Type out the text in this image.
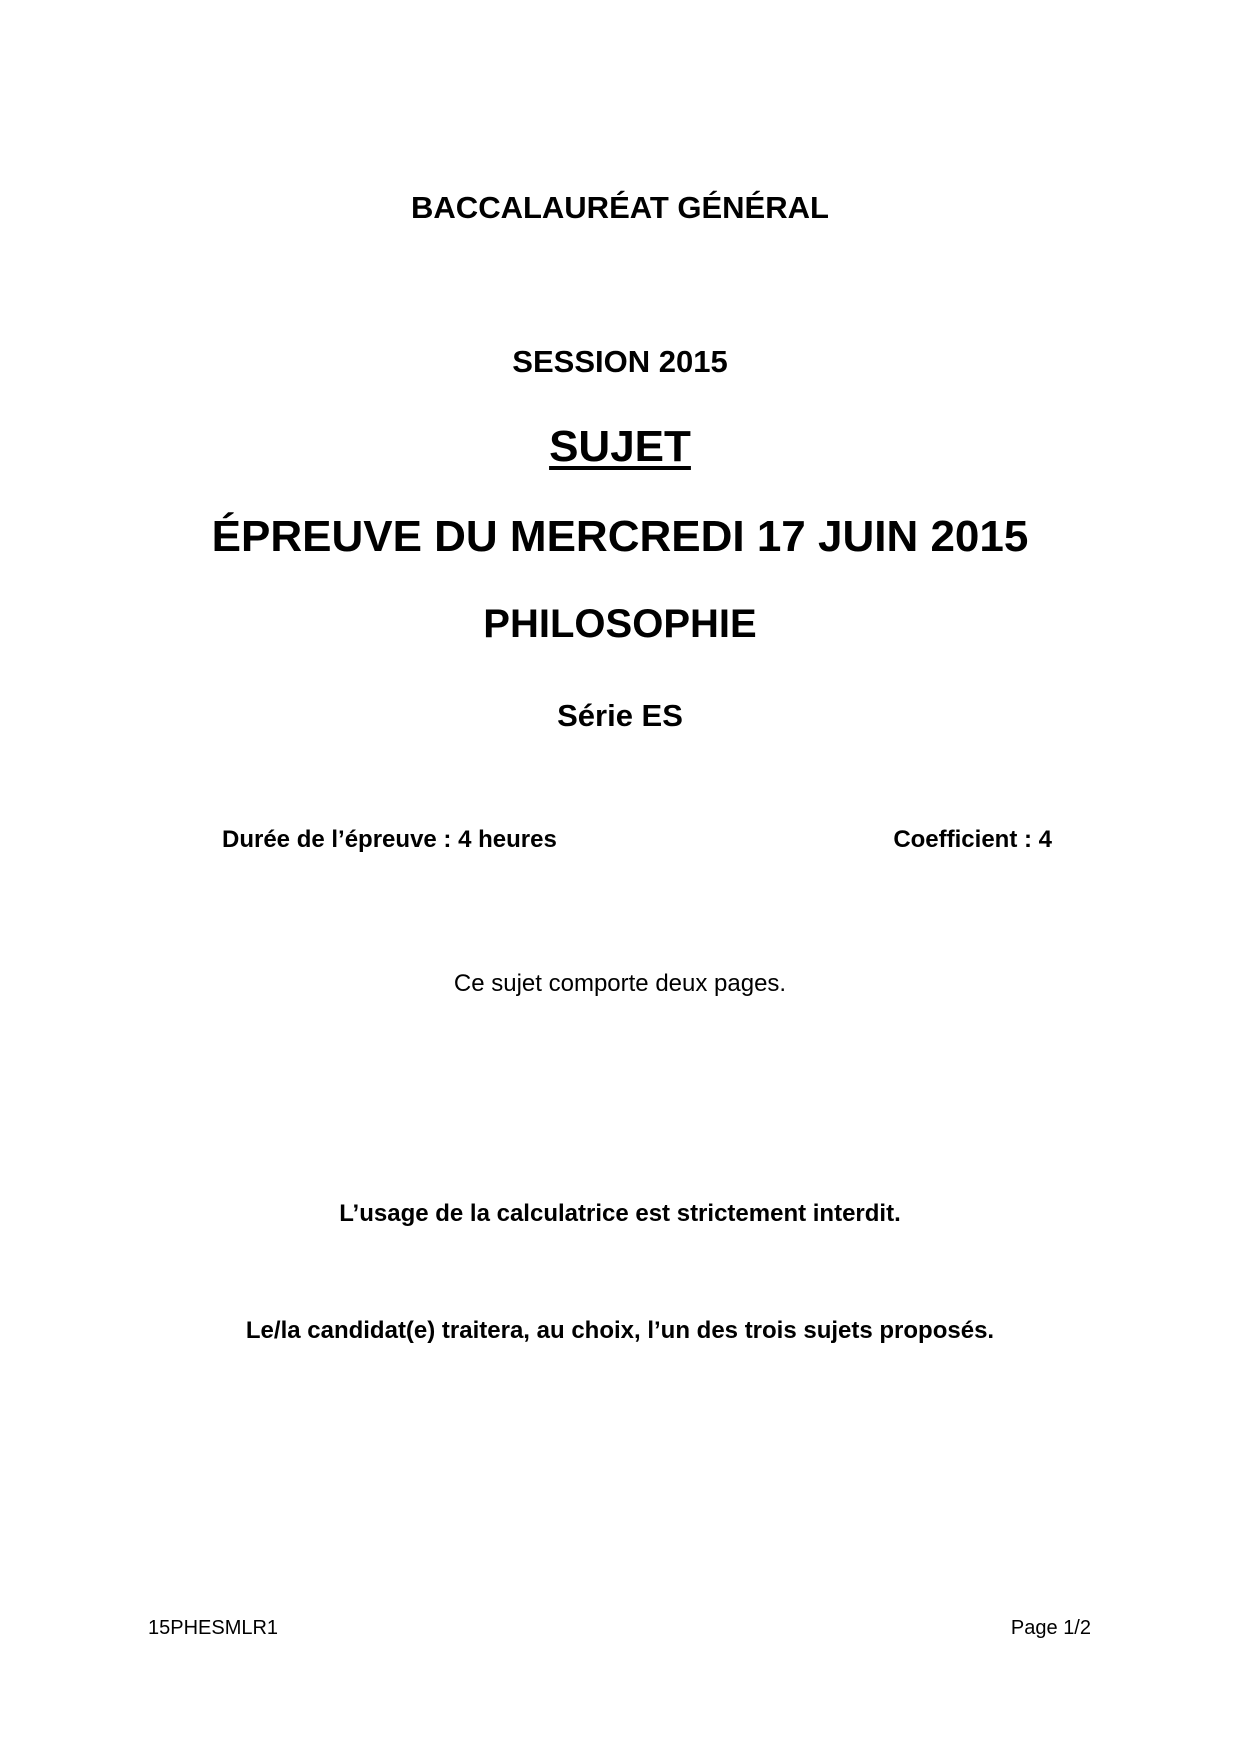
BACCALAURÉAT GÉNÉRAL
SESSION 2015
SUJET
ÉPREUVE DU MERCREDI 17 JUIN 2015
PHILOSOPHIE
Série ES
Durée de l’épreuve : 4 heures	Coefficient : 4
Ce sujet comporte deux pages.
L’usage de la calculatrice est strictement interdit.
Le/la candidat(e) traitera, au choix, l’un des trois sujets proposés.
15PHESMLR1	Page 1/2
